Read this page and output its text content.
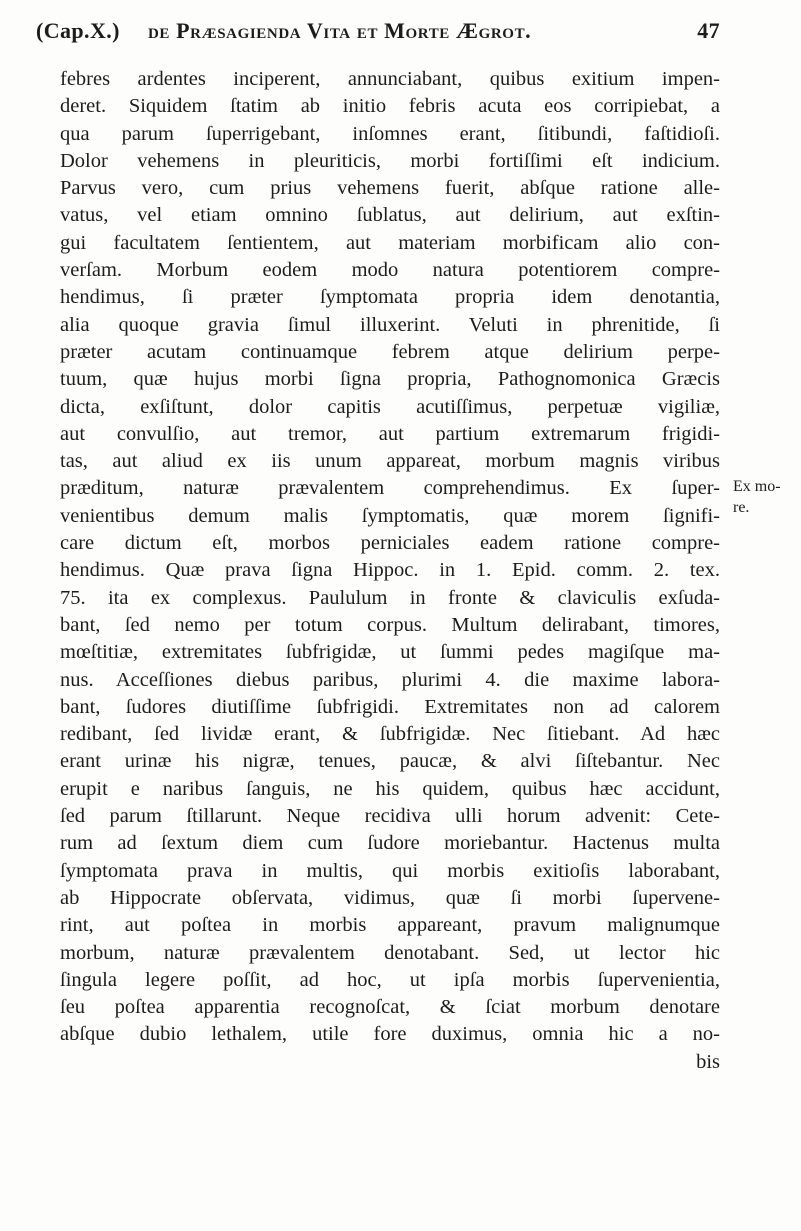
(Cap.X.) de Præsagienda Vita et Morte Ægrot.	47
febres ardentes inciperent, annunciabant, quibus exitium impen-
deret. Siquidem ſtatim ab initio febris acuta eos corripiebat, a
qua parum ſuperrigebant, inſomnes erant, ſitibundi, faſtidioſi.
Dolor vehemens in pleuriticis, morbi fortiſſimi eſt indicium.
Parvus vero, cum prius vehemens fuerit, abſque ratione alle-
vatus, vel etiam omnino ſublatus, aut delirium, aut exſtin-
gui facultatem ſentientem, aut materiam morbificam alio con-
verſam. Morbum eodem modo natura potentiorem compre-
hendimus, ſi præter ſymptomata propria idem denotantia,
alia quoque gravia ſimul illuxerint. Veluti in phrenitide, ſi
præter acutam continuamque febrem atque delirium perpe-
tuum, quæ hujus morbi ſigna propria, Pathognomonica Græcis
dicta, exſiſtunt, dolor capitis acutiſſimus, perpetuæ vigiliæ,
aut convulſio, aut tremor, aut partium extremarum frigidi-
tas, aut aliud ex iis unum appareat, morbum magnis viribus
præditum, naturæ prævalentem comprehendimus. Ex ſuper-
venientibus demum malis ſymptomatis, quæ morem ſignifi-
care dictum eſt, morbos perniciales eadem ratione compre-
hendimus. Quæ prava ſigna Hippoc. in 1. Epid. comm. 2. tex.
75. ita ex complexus. Paululum in fronte & claviculis exſuda-
bant, ſed nemo per totum corpus. Multum delirabant, timores,
mœſtitiæ, extremitates ſubfrigidæ, ut ſummi pedes magiſque ma-
nus. Acceſſiones diebus paribus, plurimi 4. die maxime labora-
bant, ſudores diutiſſime ſubfrigidi. Extremitates non ad calorem
redibant, ſed lividæ erant, & ſubfrigidæ. Nec ſitiebant. Ad hæc
erant urinæ his nigræ, tenues, paucæ, & alvi ſiſtebantur. Nec
erupit e naribus ſanguis, ne his quidem, quibus hæc accidunt,
ſed parum ſtillarunt. Neque recidiva ulli horum advenit: Cete-
rum ad ſextum diem cum ſudore moriebantur. Hactenus multa
ſymptomata prava in multis, qui morbis exitioſis laborabant,
ab Hippocrate obſervata, vidimus, quæ ſi morbi ſupervene-
rint, aut poſtea in morbis appareant, pravum malignumque
morbum, naturæ prævalentem denotabant. Sed, ut lector hic
ſingula legere poſſit, ad hoc, ut ipſa morbis ſupervenientia,
ſeu poſtea apparentia recognoſcat, & ſciat morbum denotare
abſque dubio lethalem, utile fore duximus, omnia hic a no-
bis
Ex mo-
re.
